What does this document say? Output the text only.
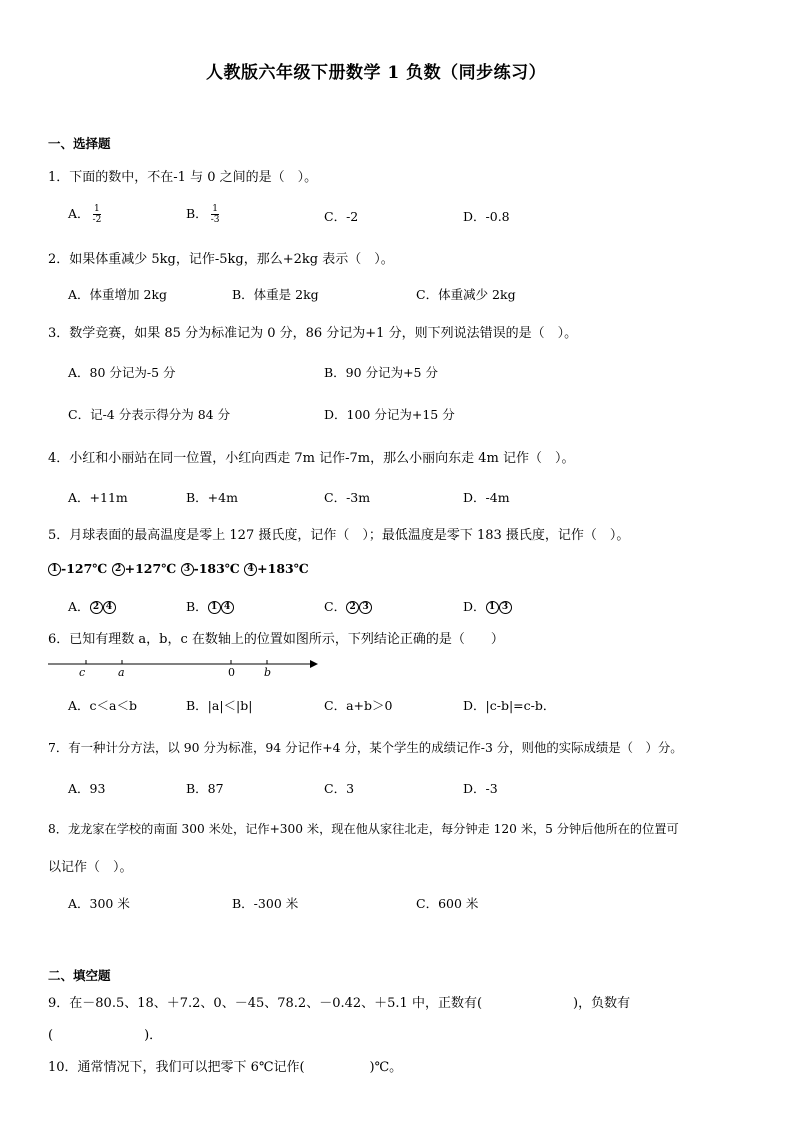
人教版六年级下册数学 1 负数（同步练习）
一、选择题
1．下面的数中，不在-1 与 0 之间的是（　）。
A． $\frac{1}{-2}$	B． $\frac{1}{-3}$	C．-2	D．-0.8
2．如果体重减少 5kg，记作-5kg，那么+2kg 表示（　）。
A．体重增加 2kg	B．体重是 2kg	C．体重减少 2kg
3．数学竞赛，如果 85 分为标准记为 0 分，86 分记为+1 分，则下列说法错误的是（　）。
A．80 分记为-5 分	B．90 分记为+5 分
C．记-4 分表示得分为 84 分	D．100 分记为+15 分
4．小红和小丽站在同一位置，小红向西走 7m 记作-7m，那么小丽向东走 4m 记作（　）。
A．+11m	B．+4m	C．-3m	D．-4m
5．月球表面的最高温度是零上 127 摄氏度，记作（　）；最低温度是零下 183 摄氏度，记作（　）。
1 -127℃ 2 +127℃ 3 -183℃ 4 +183℃
A． 2 4	B． 1 4	C． 2 3	D． 1 3
6．已知有理数 a，b，c 在数轴上的位置如图所示，下列结论正确的是（　　）
c	a	0	b
A．c＜a＜b	B．|a|＜|b|	C．a+b＞0	D．|c-b|=c-b．
7．有一种计分方法，以 90 分为标准，94 分记作+4 分，某个学生的成绩记作-3 分，则他的实际成绩是（　）分。
A．93	B．87	C．3	D．-3
8．龙龙家在学校的南面 300 米处，记作+300 米，现在他从家往北走，每分钟走 120 米，5 分钟后他所在的位置可
以记作（　）。
A．300 米	B．-300 米	C．600 米
二、填空题
9．在－80.5、18、＋7.2、0、－45、78.2、－0.42、＋5.1 中，正数有(　　　　　　　)，负数有
(　　　　　　　)．
10．通常情况下，我们可以把零下 6℃记作(　　　　　)℃。
